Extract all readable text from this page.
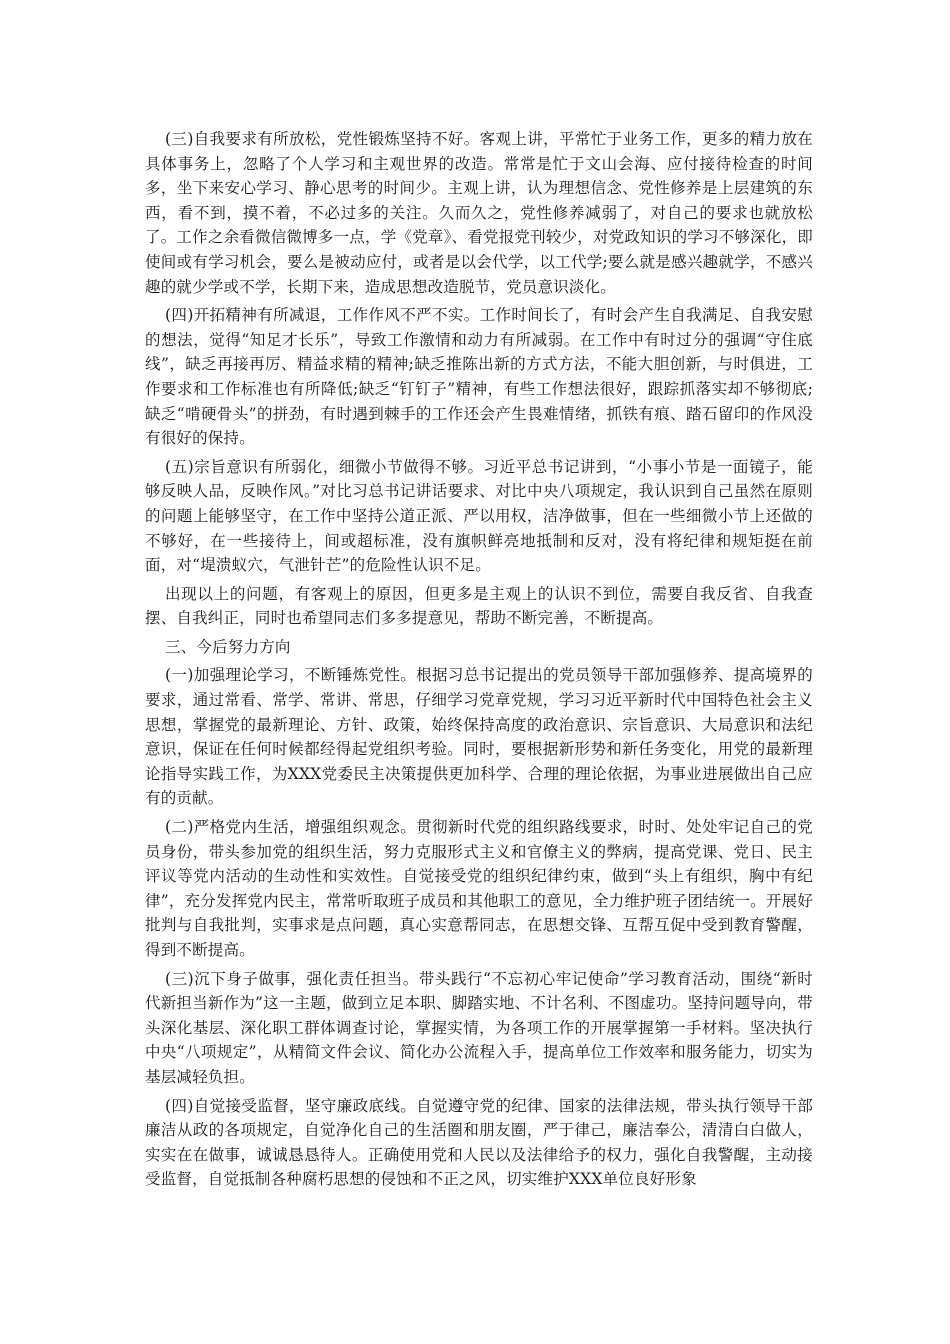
(三)自我要求有所放松，党性锻炼坚持不好。客观上讲，平常忙于业务工作，更多的精力放在具体事务上，忽略了个人学习和主观世界的改造。常常是忙于文山会海、应付接待检查的时间多，坐下来安心学习、静心思考的时间少。主观上讲，认为理想信念、党性修养是上层建筑的东西，看不到，摸不着，不必过多的关注。久而久之，党性修养减弱了，对自己的要求也就放松了。工作之余看微信微博多一点，学《党章》、看党报党刊较少，对党政知识的学习不够深化，即使间或有学习机会，要么是被动应付，或者是以会代学，以工代学;要么就是感兴趣就学，不感兴趣的就少学或不学，长期下来，造成思想改造脱节，党员意识淡化。

(四)开拓精神有所减退，工作作风不严不实。工作时间长了，有时会产生自我满足、自我安慰的想法，觉得“知足才长乐”，导致工作激情和动力有所减弱。在工作中有时过分的强调“守住底线”，缺乏再接再厉、精益求精的精神;缺乏推陈出新的方式方法，不能大胆创新，与时俱进，工作要求和工作标准也有所降低;缺乏“钉钉子”精神，有些工作想法很好，跟踪抓落实却不够彻底;缺乏“啃硬骨头”的拼劲，有时遇到棘手的工作还会产生畏难情绪，抓铁有痕、踏石留印的作风没有很好的保持。

(五)宗旨意识有所弱化，细微小节做得不够。习近平总书记讲到，“小事小节是一面镜子，能够反映人品，反映作风。”对比习总书记讲话要求、对比中央八项规定，我认识到自己虽然在原则的问题上能够坚守，在工作中坚持公道正派、严以用权，洁净做事，但在一些细微小节上还做的不够好，在一些接待上，间或超标准，没有旗帜鲜亮地抵制和反对，没有将纪律和规矩挺在前面，对“堤溃蚁穴，气泄针芒”的危险性认识不足。

出现以上的问题，有客观上的原因，但更多是主观上的认识不到位，需要自我反省、自我查摆、自我纠正，同时也希望同志们多多提意见，帮助不断完善，不断提高。

三、今后努力方向

(一)加强理论学习，不断锤炼党性。根据习总书记提出的党员领导干部加强修养、提高境界的要求，通过常看、常学、常讲、常思，仔细学习党章党规，学习习近平新时代中国特色社会主义思想，掌握党的最新理论、方针、政策，始终保持高度的政治意识、宗旨意识、大局意识和法纪意识，保证在任何时候都经得起党组织考验。同时，要根据新形势和新任务变化，用党的最新理论指导实践工作，为XXX党委民主决策提供更加科学、合理的理论依据，为事业进展做出自己应有的贡献。

(二)严格党内生活，增强组织观念。贯彻新时代党的组织路线要求，时时、处处牢记自己的党员身份，带头参加党的组织生活，努力克服形式主义和官僚主义的弊病，提高党课、党日、民主评议等党内活动的生动性和实效性。自觉接受党的组织纪律约束，做到“头上有组织，胸中有纪律”，充分发挥党内民主，常常听取班子成员和其他职工的意见，全力维护班子团结统一。开展好批判与自我批判，实事求是点问题，真心实意帮同志，在思想交锋、互帮互促中受到教育警醒，得到不断提高。

(三)沉下身子做事，强化责任担当。带头践行“不忘初心牢记使命”学习教育活动，围绕“新时代新担当新作为”这一主题，做到立足本职、脚踏实地、不计名利、不图虚功。坚持问题导向，带头深化基层、深化职工群体调查讨论，掌握实情，为各项工作的开展掌握第一手材料。坚决执行中央“八项规定”，从精简文件会议、简化办公流程入手，提高单位工作效率和服务能力，切实为基层减轻负担。

(四)自觉接受监督，坚守廉政底线。自觉遵守党的纪律、国家的法律法规，带头执行领导干部廉洁从政的各项规定，自觉净化自己的生活圈和朋友圈，严于律己，廉洁奉公，清清白白做人，实实在在做事，诚诚恳恳待人。正确使用党和人民以及法律给予的权力，强化自我警醒，主动接受监督，自觉抵制各种腐朽思想的侵蚀和不正之风，切实维护XXX单位良好形象
